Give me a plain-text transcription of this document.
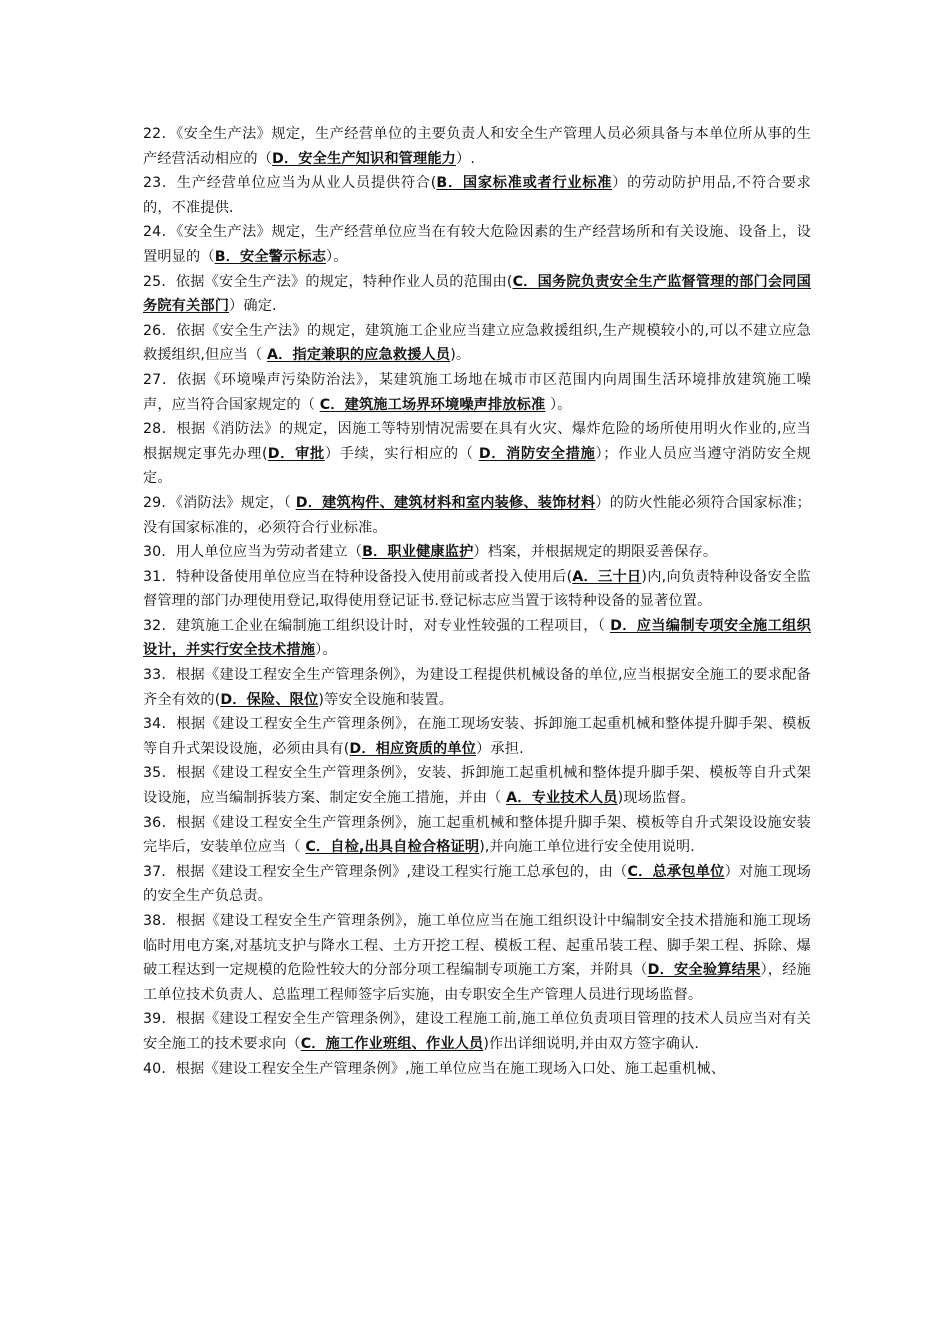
22．《安全生产法》规定，生产经营单位的主要负责人和安全生产管理人员必须具备与本单位所从事的生产经营活动相应的（D．安全生产知识和管理能力）.

23．生产经营单位应当为从业人员提供符合(B．国家标准或者行业标准）的劳动防护用品,不符合要求的，不准提供.

24．《安全生产法》规定，生产经营单位应当在有较大危险因素的生产经营场所和有关设施、设备上，设置明显的（B．安全警示标志）。

25．依据《安全生产法》的规定，特种作业人员的范围由(C．国务院负责安全生产监督管理的部门会同国务院有关部门）确定.

26．依据《安全生产法》的规定，建筑施工企业应当建立应急救援组织,生产规模较小的,可以不建立应急救援组织,但应当（ A．指定兼职的应急救援人员)。

27．依据《环境噪声污染防治法》，某建筑施工场地在城市市区范围内向周围生活环境排放建筑施工噪声，应当符合国家规定的（ C．建筑施工场界环境噪声排放标准 ）。

28．根据《消防法》的规定，因施工等特别情况需要在具有火灾、爆炸危险的场所使用明火作业的,应当根据规定事先办理(D．审批）手续，实行相应的（ D．消防安全措施）；作业人员应当遵守消防安全规定。

29．《消防法》规定，（ D．建筑构件、建筑材料和室内装修、装饰材料）的防火性能必须符合国家标准；没有国家标准的，必须符合行业标准。

30．用人单位应当为劳动者建立（B．职业健康监护）档案，并根据规定的期限妥善保存。

31．特种设备使用单位应当在特种设备投入使用前或者投入使用后(A．三十日)内,向负责特种设备安全监督管理的部门办理使用登记,取得使用登记证书.登记标志应当置于该特种设备的显著位置。

32．建筑施工企业在编制施工组织设计时，对专业性较强的工程项目，（ D．应当编制专项安全施工组织设计，并实行安全技术措施）。

33．根据《建设工程安全生产管理条例》，为建设工程提供机械设备的单位,应当根据安全施工的要求配备齐全有效的(D．保险、限位)等安全设施和装置。

34．根据《建设工程安全生产管理条例》，在施工现场安装、拆卸施工起重机械和整体提升脚手架、模板等自升式架设设施，必须由具有(D．相应资质的单位）承担.

35．根据《建设工程安全生产管理条例》，安装、拆卸施工起重机械和整体提升脚手架、模板等自升式架设设施，应当编制拆装方案、制定安全施工措施，并由（ A．专业技术人员)现场监督。

36．根据《建设工程安全生产管理条例》，施工起重机械和整体提升脚手架、模板等自升式架设设施安装完毕后，安装单位应当（ C．自检,出具自检合格证明),并向施工单位进行安全使用说明.

37．根据《建设工程安全生产管理条例》,建设工程实行施工总承包的，由（C．总承包单位）对施工现场的安全生产负总责。

38．根据《建设工程安全生产管理条例》，施工单位应当在施工组织设计中编制安全技术措施和施工现场临时用电方案,对基坑支护与降水工程、土方开挖工程、模板工程、起重吊装工程、脚手架工程、拆除、爆破工程达到一定规模的危险性较大的分部分项工程编制专项施工方案，并附具（D．安全验算结果），经施工单位技术负责人、总监理工程师签字后实施，由专职安全生产管理人员进行现场监督。

39．根据《建设工程安全生产管理条例》，建设工程施工前,施工单位负责项目管理的技术人员应当对有关安全施工的技术要求向（C．施工作业班组、作业人员)作出详细说明,并由双方签字确认.

40．根据《建设工程安全生产管理条例》,施工单位应当在施工现场入口处、施工起重机械、
